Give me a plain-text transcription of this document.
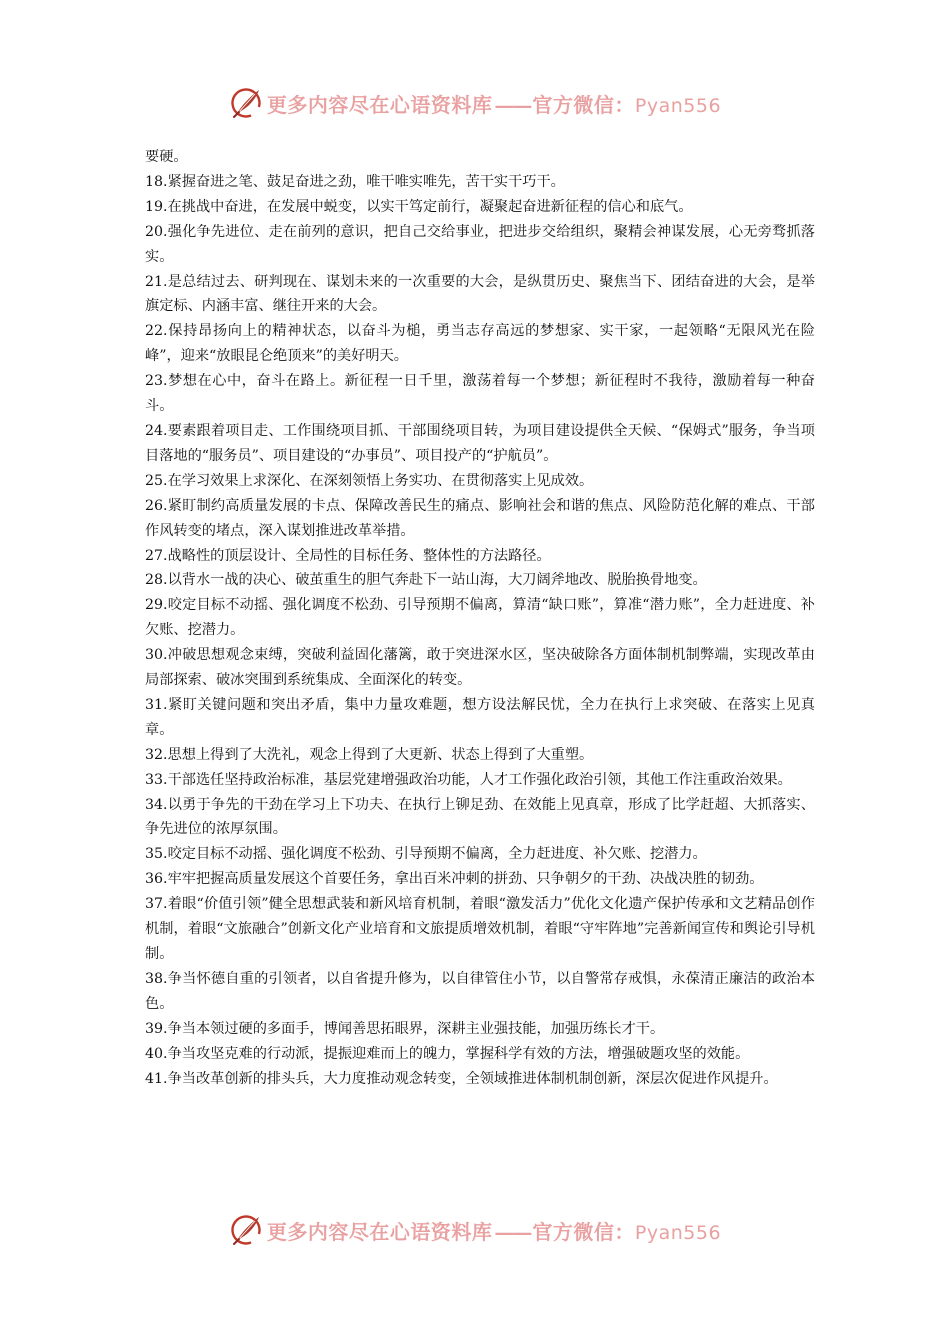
更多内容尽在心语资料库 —— 官方微信：Pyan556

要硬。

18.紧握奋进之笔、鼓足奋进之劲，唯干唯实唯先，苦干实干巧干。

19.在挑战中奋进，在发展中蜕变，以实干笃定前行，凝聚起奋进新征程的信心和底气。

20.强化争先进位、走在前列的意识，把自己交给事业，把进步交给组织，聚精会神谋发展，心无旁骛抓落实。

21.是总结过去、研判现在、谋划未来的一次重要的大会，是纵贯历史、聚焦当下、团结奋进的大会，是举旗定标、内涵丰富、继往开来的大会。

22.保持昂扬向上的精神状态，以奋斗为槌，勇当志存高远的梦想家、实干家，一起领略“无限风光在险峰”，迎来“放眼昆仑绝顶来”的美好明天。

23.梦想在心中，奋斗在路上。新征程一日千里，激荡着每一个梦想；新征程时不我待，激励着每一种奋斗。

24.要素跟着项目走、工作围绕项目抓、干部围绕项目转，为项目建设提供全天候、“保姆式”服务，争当项目落地的“服务员”、项目建设的“办事员”、项目投产的“护航员”。

25.在学习效果上求深化、在深刻领悟上务实功、在贯彻落实上见成效。

26.紧盯制约高质量发展的卡点、保障改善民生的痛点、影响社会和谐的焦点、风险防范化解的难点、干部作风转变的堵点，深入谋划推进改革举措。

27.战略性的顶层设计、全局性的目标任务、整体性的方法路径。

28.以背水一战的决心、破茧重生的胆气奔赴下一站山海，大刀阔斧地改、脱胎换骨地变。

29.咬定目标不动摇、强化调度不松劲、引导预期不偏离，算清“缺口账”，算准“潜力账”，全力赶进度、补欠账、挖潜力。

30.冲破思想观念束缚，突破利益固化藩篱，敢于突进深水区，坚决破除各方面体制机制弊端，实现改革由局部探索、破冰突围到系统集成、全面深化的转变。

31.紧盯关键问题和突出矛盾，集中力量攻难题，想方设法解民忧，全力在执行上求突破、在落实上见真章。

32.思想上得到了大洗礼，观念上得到了大更新、状态上得到了大重塑。

33.干部选任坚持政治标准，基层党建增强政治功能，人才工作强化政治引领，其他工作注重政治效果。

34.以勇于争先的干劲在学习上下功夫、在执行上铆足劲、在效能上见真章，形成了比学赶超、大抓落实、争先进位的浓厚氛围。

35.咬定目标不动摇、强化调度不松劲、引导预期不偏离，全力赶进度、补欠账、挖潜力。

36.牢牢把握高质量发展这个首要任务，拿出百米冲刺的拼劲、只争朝夕的干劲、决战决胜的韧劲。

37.着眼“价值引领”健全思想武装和新风培育机制，着眼“激发活力”优化文化遗产保护传承和文艺精品创作机制，着眼“文旅融合”创新文化产业培育和文旅提质增效机制，着眼“守牢阵地”完善新闻宣传和舆论引导机制。

38.争当怀德自重的引领者，以自省提升修为，以自律管住小节，以自警常存戒惧，永葆清正廉洁的政治本色。

39.争当本领过硬的多面手，博闻善思拓眼界，深耕主业强技能，加强历练长才干。

40.争当攻坚克难的行动派，提振迎难而上的魄力，掌握科学有效的方法，增强破题攻坚的效能。

41.争当改革创新的排头兵，大力度推动观念转变，全领域推进体制机制创新，深层次促进作风提升。

更多内容尽在心语资料库 —— 官方微信：Pyan556
